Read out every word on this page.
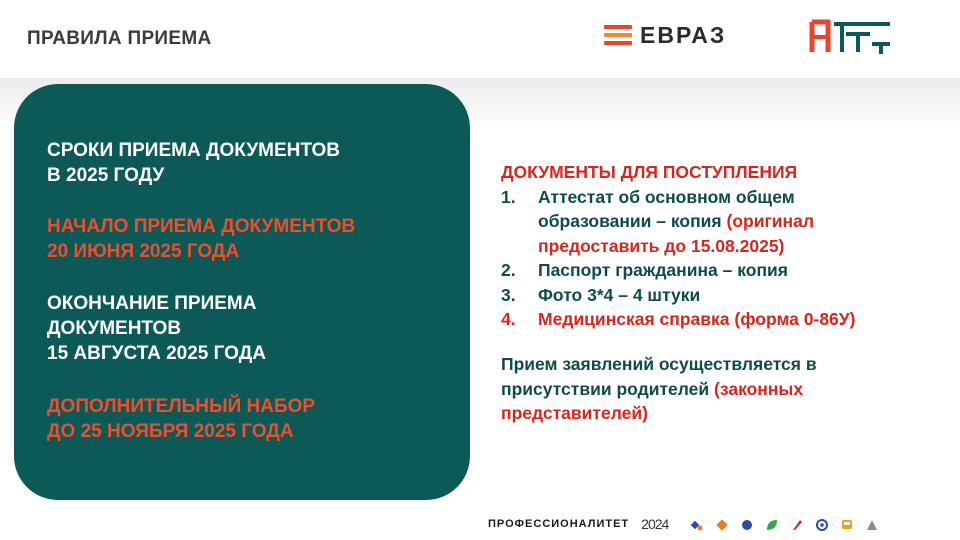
ПРАВИЛА ПРИЕМА	ЕВРАЗ
СРОКИ ПРИЕМА ДОКУМЕНТОВ
В 2025 ГОДУ
НАЧАЛО ПРИЕМА ДОКУМЕНТОВ
20 ИЮНЯ 2025 ГОДА
ОКОНЧАНИЕ ПРИЕМА
ДОКУМЕНТОВ
15 АВГУСТА 2025 ГОДА
ДОПОЛНИТЕЛЬНЫЙ НАБОР
ДО 25 НОЯБРЯ 2025 ГОДА
ДОКУМЕНТЫ ДЛЯ ПОСТУПЛЕНИЯ
1.	Аттестат об основном общем
образовании – копия (оригинал
предоставить до 15.08.2025)
2.	Паспорт гражданина – копия
3.	Фото 3*4 – 4 штуки
4.	Медицинская справка (форма 0-86У)
Прием заявлений осуществляется в
присутствии родителей (законных
представителей)
ПРОФЕССИОНАЛИТЕТ 2024
